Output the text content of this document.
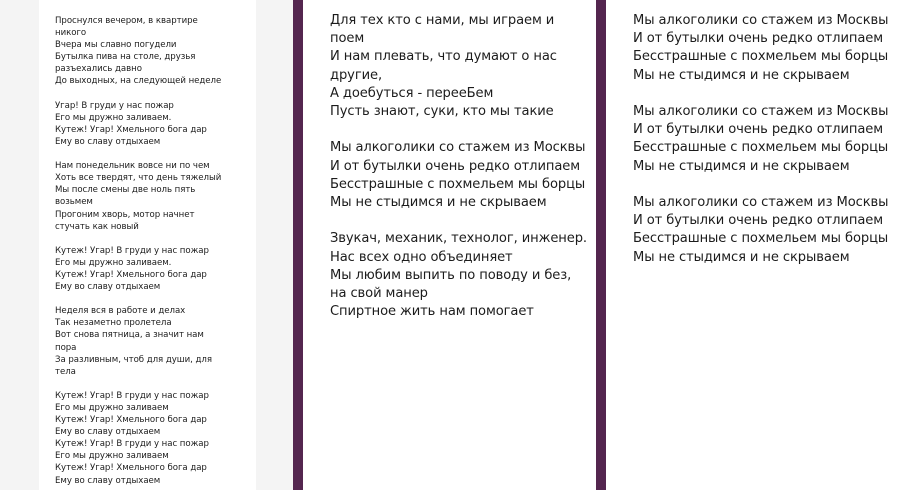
Проснулся вечером, в квартире
никого
Вчера мы славно погудели
Бутылка пива на столе, друзья
разъехались давно
До выходных, на следующей неделе
Угар! В груди у нас пожар
Его мы дружно заливаем.
Кутеж! Угар! Хмельного бога дар
Ему во славу отдыхаем
Нам понедельник вовсе ни по чем
Хоть все твердят, что день тяжелый
Мы после смены две ноль пять
возьмем
Прогоним хворь, мотор начнет
стучать как новый
Кутеж! Угар! В груди у нас пожар
Его мы дружно заливаем.
Кутеж! Угар! Хмельного бога дар
Ему во славу отдыхаем
Неделя вся в работе и делах
Так незаметно пролетела
Вот снова пятница, а значит нам
пора
За разливным, чтоб для души, для
тела
Кутеж! Угар! В груди у нас пожар
Его мы дружно заливаем
Кутеж! Угар! Хмельного бога дар
Ему во славу отдыхаем
Кутеж! Угар! В груди у нас пожар
Его мы дружно заливаем
Кутеж! Угар! Хмельного бога дар
Ему во славу отдыхаем
Для тех кто с нами, мы играем и
поем
И нам плевать, что думают о нас
другие,
А доебуться - перееБем
Пусть знают, суки, кто мы такие
Мы алкоголики со стажем из Москвы
И от бутылки очень редко отлипаем
Бесстрашные с похмельем мы борцы
Мы не стыдимся и не скрываем
Звукач, механик, технолог, инженер.
Нас всех одно объединяет
Мы любим выпить по поводу и без,
на свой манер
Спиртное жить нам помогает
Мы алкоголики со стажем из Москвы
И от бутылки очень редко отлипаем
Бесстрашные с похмельем мы борцы
Мы не стыдимся и не скрываем
Мы алкоголики со стажем из Москвы
И от бутылки очень редко отлипаем
Бесстрашные с похмельем мы борцы
Мы не стыдимся и не скрываем
Мы алкоголики со стажем из Москвы
И от бутылки очень редко отлипаем
Бесстрашные с похмельем мы борцы
Мы не стыдимся и не скрываем
